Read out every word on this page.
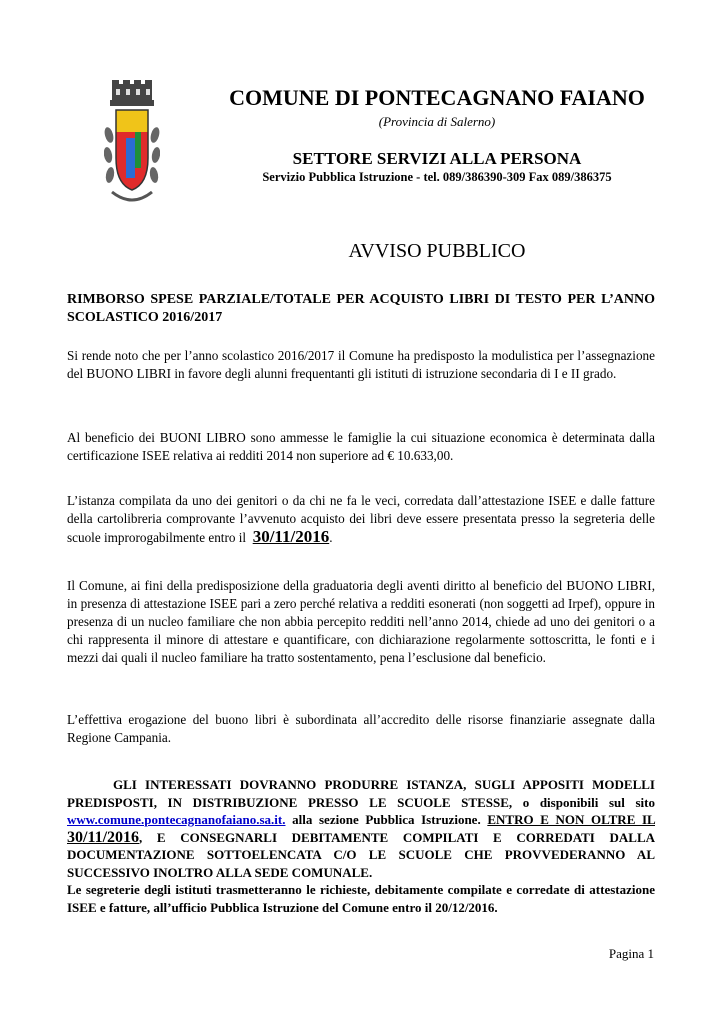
COMUNE DI PONTECAGNANO FAIANO
(Provincia di Salerno)
SETTORE SERVIZI ALLA PERSONA
Servizio Pubblica Istruzione - tel. 089/386390-309 Fax 089/386375
AVVISO PUBBLICO

RIMBORSO SPESE PARZIALE/TOTALE PER ACQUISTO LIBRI DI TESTO PER L’ANNO SCOLASTICO 2016/2017

Si rende noto che per l’anno scolastico 2016/2017 il Comune ha predisposto la modulistica per l’assegnazione del BUONO LIBRI in favore degli alunni frequentanti gli istituti di istruzione secondaria di I e II grado.

Al beneficio dei BUONI LIBRO sono ammesse le famiglie la cui situazione economica è determinata dalla certificazione ISEE relativa ai redditi 2014 non superiore ad € 10.633,00.

L’istanza compilata da uno dei genitori o da chi ne fa le veci, corredata dall’attestazione ISEE e dalle fatture della cartolibreria comprovante l’avvenuto acquisto dei libri deve essere presentata presso la segreteria delle scuole improrogabilmente entro il 30/11/2016.

Il Comune, ai fini della predisposizione della graduatoria degli aventi diritto al beneficio del BUONO LIBRI, in presenza di attestazione ISEE pari a zero perché relativa a redditi esonerati (non soggetti ad Irpef), oppure in presenza di un nucleo familiare che non abbia percepito redditi nell’anno 2014, chiede ad uno dei genitori o a chi rappresenta il minore di attestare e quantificare, con dichiarazione regolarmente sottoscritta, le fonti e i mezzi dai quali il nucleo familiare ha tratto sostentamento, pena l’esclusione dal beneficio.

L’effettiva erogazione del buono libri è subordinata all’accredito delle risorse finanziarie assegnate dalla Regione Campania.

GLI INTERESSATI DOVRANNO PRODURRE ISTANZA, SUGLI APPOSITI MODELLI PREDISPOSTI, IN DISTRIBUZIONE PRESSO LE SCUOLE STESSE, o disponibili sul sito www.comune.pontecagnanofaiano.sa.it. alla sezione Pubblica Istruzione. ENTRO E NON OLTRE IL 30/11/2016, E CONSEGNARLI DEBITAMENTE COMPILATI E CORREDATI DALLA DOCUMENTAZIONE SOTTOELENCATA C/O LE SCUOLE CHE PROVVEDERANNO AL SUCCESSIVO INOLTRO ALLA SEDE COMUNALE.
Le segreterie degli istituti trasmetteranno le richieste, debitamente compilate e corredate di attestazione ISEE e fatture, all’ufficio Pubblica Istruzione del Comune entro il 20/12/2016.

Pagina 1
